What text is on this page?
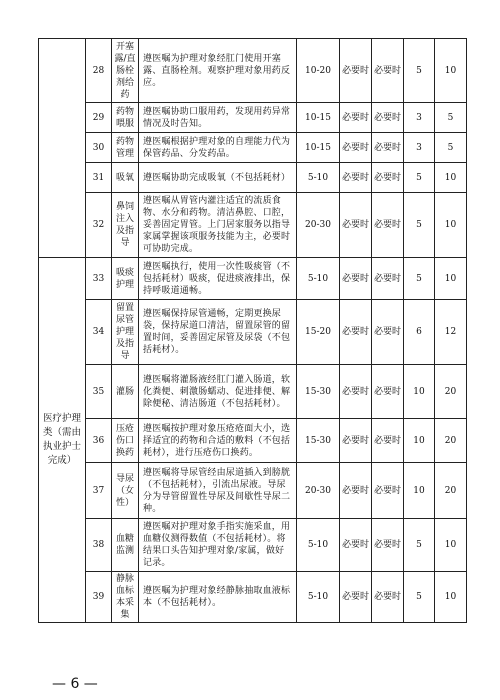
	28	开塞露/直肠栓剂给药	遵医嘱为护理对象经肛门使用开塞露、直肠栓剂。观察护理对象用药反应。	10-20	必要时	必要时	5	10
	29	药物喂服	遵医嘱协助口服用药，发现用药异常情况及时告知。	10-15	必要时	必要时	3	5
	30	药物管理	遵医嘱根据护理对象的自理能力代为保管药品、分发药品。	10-15	必要时	必要时	3	5
	31	吸氧	遵医嘱协助完成吸氧（不包括耗材）	5-10	必要时	必要时	5	10
	32	鼻饲注入及指导	遵医嘱从胃管内灌注适宜的流质食物、水分和药物。清洁鼻腔、口腔，妥善固定胃管。上门居家服务以指导家属掌握该项服务技能为主，必要时可协助完成。	20-30	必要时	必要时	5	10
医疗护理类（需由执业护士完成）	33	吸痰护理	遵医嘱执行，使用一次性吸痰管（不包括耗材）吸痰，促进痰液排出，保持呼吸道通畅。	5-10	必要时	必要时	5	10
	34	留置尿管护理及指导	遵医嘱保持尿管通畅，定期更换尿袋，保持尿道口清洁，留置尿管的留置时间，妥善固定尿管及尿袋（不包括耗材）。	15-20	必要时	必要时	6	12
	35	灌肠	遵医嘱将灌肠液经肛门灌入肠道，软化粪便、刺激肠蠕动、促进排便、解除便秘、清洁肠道（不包括耗材）。	15-30	必要时	必要时	10	20
	36	压疮伤口换药	遵医嘱按护理对象压疮疮面大小，选择适宜的药物和合适的敷料（不包括耗材），进行压疮伤口换药。	15-30	必要时	必要时	10	20
	37	导尿（女性）	遵医嘱将导尿管经由尿道插入到膀胱（不包括耗材），引流出尿液。导尿分为导管留置性导尿及间歇性导尿二种。	20-30	必要时	必要时	10	20
	38	血糖监测	遵医嘱对护理对象手指实施采血，用血糖仪测得数值（不包括耗材）。将结果口头告知护理对象/家属，做好记录。	5-10	必要时	必要时	5	10
	39	静脉血标本采集	遵医嘱为护理对象经静脉抽取血液标本（不包括耗材）。	5-10	必要时	必要时	5	10
— 6 —
